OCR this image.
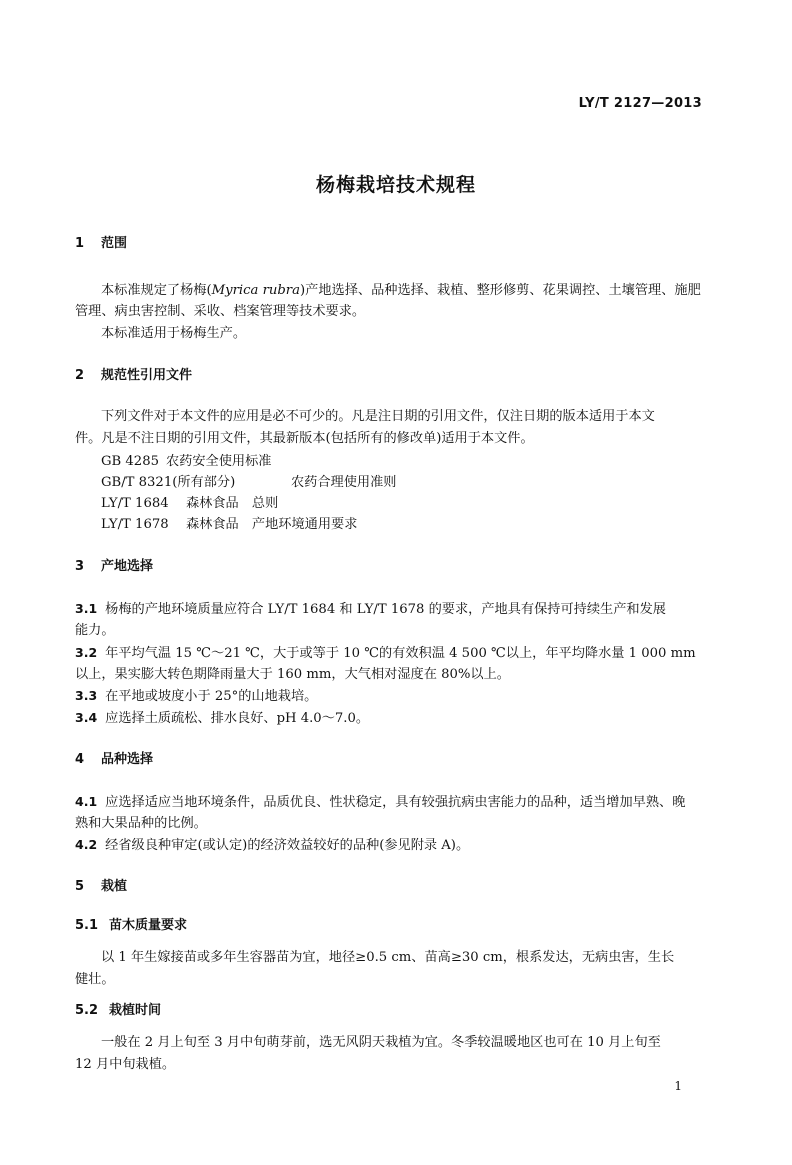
LY/T 2127—2013
杨梅栽培技术规程
1 范围
本标准规定了杨梅(Myrica rubra)产地选择、品种选择、栽植、整形修剪、花果调控、土壤管理、施肥
管理、病虫害控制、采收、档案管理等技术要求。
本标准适用于杨梅生产。
2 规范性引用文件
下列文件对于本文件的应用是必不可少的。凡是注日期的引用文件，仅注日期的版本适用于本文
件。凡是不注日期的引用文件，其最新版本(包括所有的修改单)适用于本文件。
GB 4285 农药安全使用标准
GB/T 8321(所有部分)	农药合理使用准则
LY/T 1684 森林食品　总则
LY/T 1678 森林食品　产地环境通用要求
3 产地选择
3.1 杨梅的产地环境质量应符合 LY/T 1684 和 LY/T 1678 的要求，产地具有保持可持续生产和发展
能力。
3.2 年平均气温 15 ℃～21 ℃，大于或等于 10 ℃的有效积温 4 500 ℃以上，年平均降水量 1 000 mm
以上，果实膨大转色期降雨量大于 160 mm，大气相对湿度在 80%以上。
3.3 在平地或坡度小于 25°的山地栽培。
3.4 应选择土质疏松、排水良好、pH 4.0～7.0。
4 品种选择
4.1 应选择适应当地环境条件，品质优良、性状稳定，具有较强抗病虫害能力的品种，适当增加早熟、晚
熟和大果品种的比例。
4.2 经省级良种审定(或认定)的经济效益较好的品种(参见附录 A)。
5 栽植
5.1 苗木质量要求
以 1 年生嫁接苗或多年生容器苗为宜，地径≥0.5 cm、苗高≥30 cm，根系发达，无病虫害，生长
健壮。
5.2 栽植时间
一般在 2 月上旬至 3 月中旬萌芽前，选无风阴天栽植为宜。冬季较温暖地区也可在 10 月上旬至
12 月中旬栽植。
1
